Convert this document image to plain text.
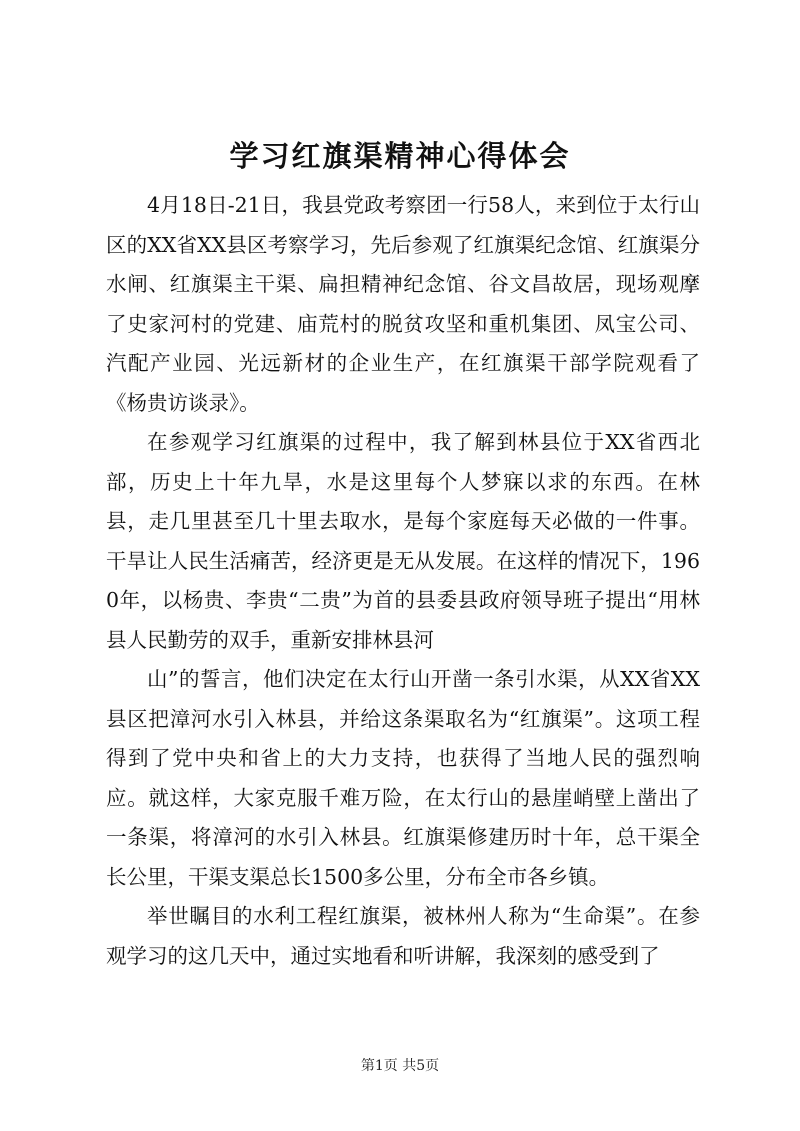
学习红旗渠精神心得体会

4月18日-21日，我县党政考察团一行58人，来到位于太行山区的XX省XX县区考察学习，先后参观了红旗渠纪念馆、红旗渠分水闸、红旗渠主干渠、扁担精神纪念馆、谷文昌故居，现场观摩了史家河村的党建、庙荒村的脱贫攻坚和重机集团、凤宝公司、汽配产业园、光远新材的企业生产，在红旗渠干部学院观看了《杨贵访谈录》。

在参观学习红旗渠的过程中，我了解到林县位于XX省西北部，历史上十年九旱，水是这里每个人梦寐以求的东西。在林县，走几里甚至几十里去取水，是每个家庭每天必做的一件事。干旱让人民生活痛苦，经济更是无从发展。在这样的情况下，1960年，以杨贵、李贵“二贵”为首的县委县政府领导班子提出“用林县人民勤劳的双手，重新安排林县河

山”的誓言，他们决定在太行山开凿一条引水渠，从XX省XX县区把漳河水引入林县，并给这条渠取名为“红旗渠”。这项工程得到了党中央和省上的大力支持，也获得了当地人民的强烈响应。就这样，大家克服千难万险，在太行山的悬崖峭壁上凿出了一条渠，将漳河的水引入林县。红旗渠修建历时十年，总干渠全长公里，干渠支渠总长1500多公里，分布全市各乡镇。

举世瞩目的水利工程红旗渠，被林州人称为“生命渠”。在参观学习的这几天中，通过实地看和听讲解，我深刻的感受到了

第1页 共5页
